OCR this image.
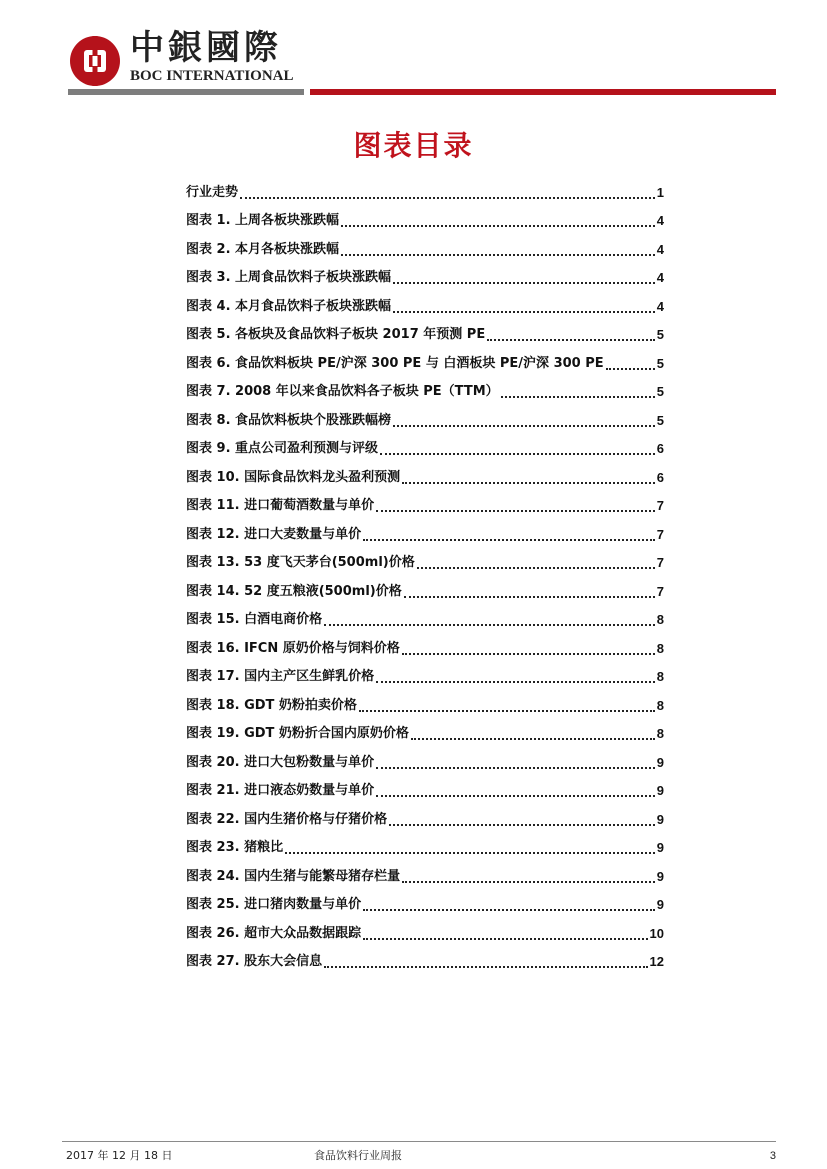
中銀國際
BOC INTERNATIONAL
图表目录
行业走势	1
图表 1. 上周各板块涨跌幅	4
图表 2. 本月各板块涨跌幅	4
图表 3. 上周食品饮料子板块涨跌幅	4
图表 4. 本月食品饮料子板块涨跌幅	4
图表 5. 各板块及食品饮料子板块 2017 年预测 PE	5
图表 6. 食品饮料板块 PE/沪深 300 PE 与 白酒板块 PE/沪深 300 PE	5
图表 7. 2008 年以来食品饮料各子板块 PE（TTM）	5
图表 8. 食品饮料板块个股涨跌幅榜	5
图表 9. 重点公司盈利预测与评级	6
图表 10. 国际食品饮料龙头盈利预测	6
图表 11. 进口葡萄酒数量与单价	7
图表 12. 进口大麦数量与单价	7
图表 13. 53 度飞天茅台(500ml)价格	7
图表 14. 52 度五粮液(500ml)价格	7
图表 15. 白酒电商价格	8
图表 16. IFCN 原奶价格与饲料价格	8
图表 17. 国内主产区生鲜乳价格	8
图表 18. GDT 奶粉拍卖价格	8
图表 19. GDT 奶粉折合国内原奶价格	8
图表 20. 进口大包粉数量与单价	9
图表 21. 进口液态奶数量与单价	9
图表 22. 国内生猪价格与仔猪价格	9
图表 23. 猪粮比	9
图表 24. 国内生猪与能繁母猪存栏量	9
图表 25. 进口猪肉数量与单价	9
图表 26. 超市大众品数据跟踪	10
图表 27. 股东大会信息	12
2017 年 12 月 18 日	食品饮料行业周报	3
